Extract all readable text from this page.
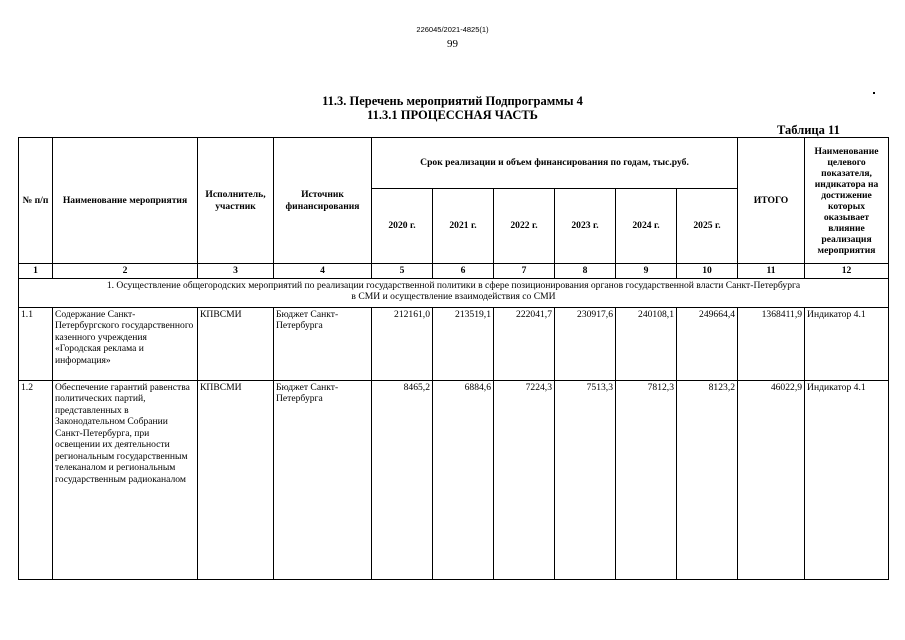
226045/2021-4825(1)
99
11.3. Перечень мероприятий Подпрограммы 4
11.3.1 ПРОЦЕССНАЯ ЧАСТЬ
Таблица 11
№ п/п	Наименование мероприятия	Исполнитель, участник	Источник финансирования	Срок реализации и объем финансирования по годам, тыс.руб.						ИТОГО	Наименование целевого показателя, индикатора на достижение которых оказывает влияние реализация мероприятия
				2020 г.	2021 г.	2022 г.	2023 г.	2024 г.	2025 г.		
1	2	3	4	5	6	7	8	9	10	11	12

1. Осуществление общегородских мероприятий по реализации государственной политики в сфере позиционирования органов государственной власти Санкт-Петербурга
в СМИ и осуществление взаимодействия со СМИ											

1.1	Содержание Санкт-Петербургского государственного казенного учреждения «Городская реклама и информация»	КПВСМИ	Бюджет Санкт-Петербурга	212161,0	213519,1	222041,7	230917,6	240108,1	249664,4	1368411,9	Индикатор 4.1
1.2	Обеспечение гарантий равенства политических партий, представленных в Законодательном Собрании Санкт-Петербурга, при освещении их деятельности региональным государственным телеканалом и региональным государственным радиоканалом	КПВСМИ	Бюджет Санкт-Петербурга	8465,2	6884,6	7224,3	7513,3	7812,3	8123,2	46022,9	Индикатор 4.1
